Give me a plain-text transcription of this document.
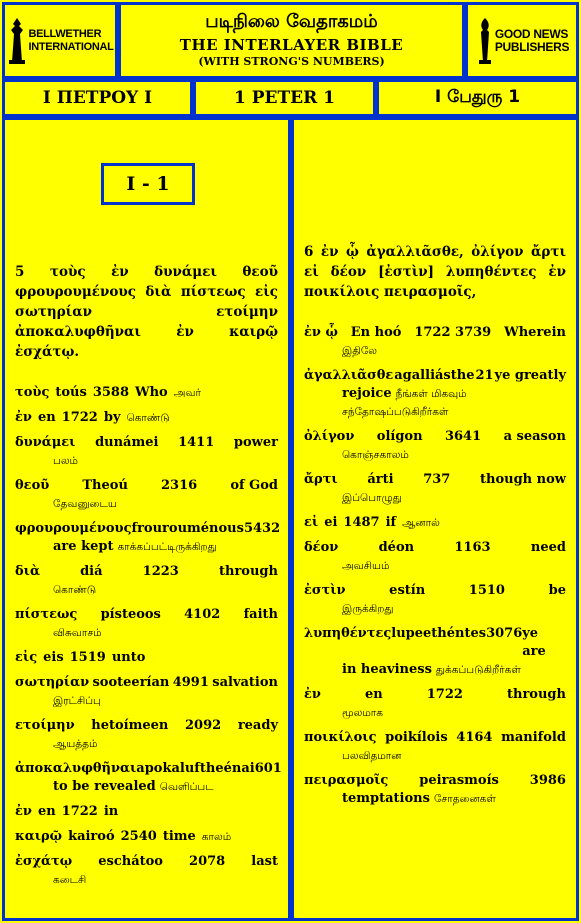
BELLWETHER
INTERNATIONAL
படிநிலை வேதாகமம்
THE INTERLAYER BIBLE
(WITH STRONG'S NUMBERS)
GOOD NEWS
PUBLISHERS
Ι ΠΕΤΡΟΥ Ι	1 PETER 1	I பேதுரு 1
I - 1
5 τοὺς ἐν δυνάμει θεοῦ φρουρουμένους διὰ πίστεως εἰς σωτηρίαν ετοίμην ἀποκαλυφθῆναι ἐν καιρῷ ἐσχάτῳ.
τοὺς toús 3588 Who அவர்
ἐν en 1722 by கொண்டு
δυνάμει dunámei 1411 power
பலம்
θεοῦ	Theoú	2316	of God
தேவனுடைய
φρουρουμένους frourouménous 5432
are kept காக்கப்பட்டிருக்கிறது
διὰ	diá	1223	through
கொண்டு
πίστεως písteoos 4102 faith
விசுவாசம்
εἰς eis 1519 unto
σωτηρίαν sooteerían 4991 salvation
இரட்சிப்பு
ετοίμην hetoímeen 2092 ready
ஆயத்தம்
ἀποκαλυφθῆναι apokaluftheénai 601
to be revealed வெளிப்பட
ἐν en 1722 in
καιρῷ kairoó 2540 time காலம்
ἐσχάτῳ eschátoo 2078 last
கடைசி
6 ἐν ᾧ ἀγαλλιᾶσθε, ὀλίγον ἄρτι εἰ δέον [ἐστὶν] λυπηθέντες ἐν ποικίλοις πειρασμοῖς,
ἐν ᾧ En hoó 1722 3739 Wherein
இதிலே
ἀγαλλιᾶσθε agalliásthe 21 ye greatly
rejoice நீங்கள் மிகவும் சந்தோஷப்படுகிறீர்கள்
ὀλίγον olígon 3641 a season
கொஞ்சகாலம்
ἄρτι árti 737 though now
இப்பொழுது
εἰ ei 1487 if ஆனால்
δέον	déon	1163	need
அவசியம்
ἐστὶν	estín	1510	be
இருக்கிறது
λυπηθέντες lupeethéntes 3076 ye are
in heaviness துக்கப்படுகிறீர்கள்
ἐν	en	1722	through
மூலமாக
ποικίλοις poikílois 4164 manifold
பலவிதமான
πειρασμοῖς peirasmoís 3986
temptations சோதனைகள்
